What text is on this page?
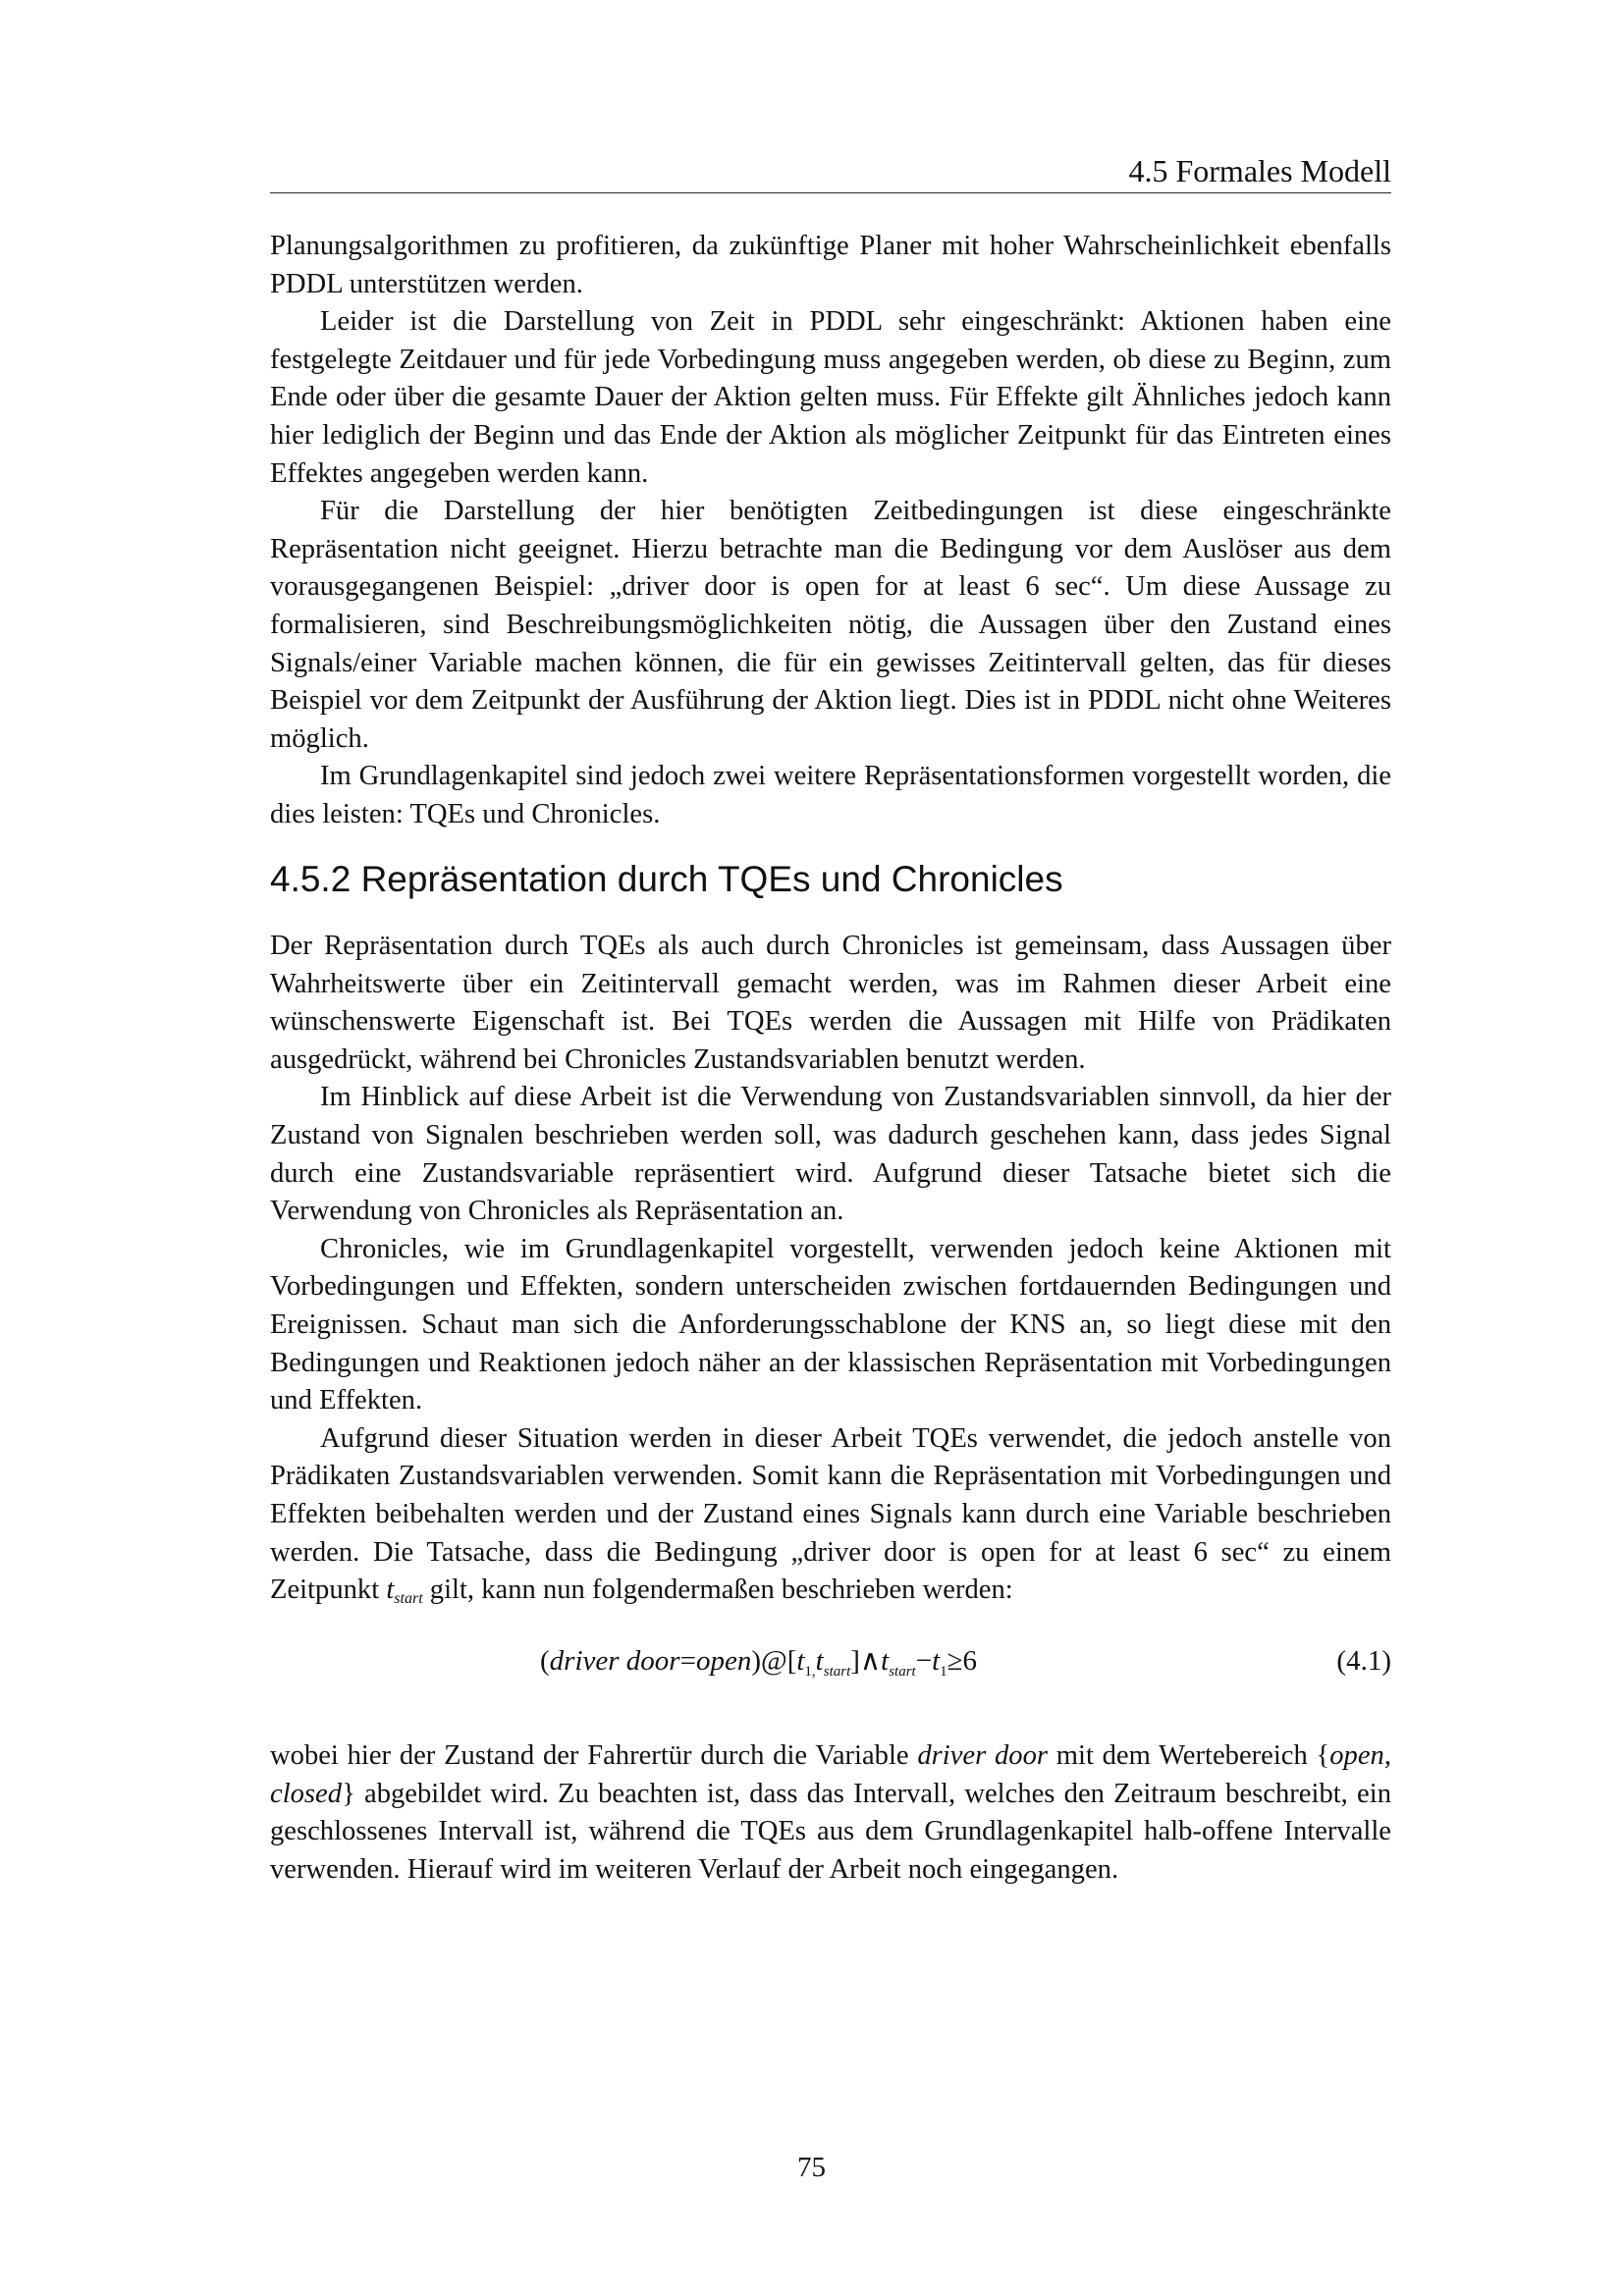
4.5 Formales Modell

Planungsalgorithmen zu profitieren, da zukünftige Planer mit hoher Wahrscheinlichkeit ebenfalls PDDL unterstützen werden.

Leider ist die Darstellung von Zeit in PDDL sehr eingeschränkt: Aktionen haben eine festgelegte Zeitdauer und für jede Vorbedingung muss angegeben werden, ob diese zu Beginn, zum Ende oder über die gesamte Dauer der Aktion gelten muss. Für Effekte gilt Ähnliches jedoch kann hier lediglich der Beginn und das Ende der Aktion als möglicher Zeitpunkt für das Eintreten eines Effektes angegeben werden kann.

Für die Darstellung der hier benötigten Zeitbedingungen ist diese eingeschränkte Repräsentation nicht geeignet. Hierzu betrachte man die Bedingung vor dem Auslöser aus dem vorausgegangenen Beispiel: „driver door is open for at least 6 sec“. Um diese Aussage zu formalisieren, sind Beschreibungsmöglichkeiten nötig, die Aussagen über den Zustand eines Signals/einer Variable machen können, die für ein gewisses Zeitintervall gelten, das für dieses Beispiel vor dem Zeitpunkt der Ausführung der Aktion liegt. Dies ist in PDDL nicht ohne Weiteres möglich.

Im Grundlagenkapitel sind jedoch zwei weitere Repräsentationsformen vorgestellt worden, die dies leisten: TQEs und Chronicles.

4.5.2 Repräsentation durch TQEs und Chronicles

Der Repräsentation durch TQEs als auch durch Chronicles ist gemeinsam, dass Aussagen über Wahrheitswerte über ein Zeitintervall gemacht werden, was im Rahmen dieser Arbeit eine wünschenswerte Eigenschaft ist. Bei TQEs werden die Aussagen mit Hilfe von Prädikaten ausgedrückt, während bei Chronicles Zustandsvariablen benutzt werden.

Im Hinblick auf diese Arbeit ist die Verwendung von Zustandsvariablen sinnvoll, da hier der Zustand von Signalen beschrieben werden soll, was dadurch geschehen kann, dass jedes Signal durch eine Zustandsvariable repräsentiert wird. Aufgrund dieser Tatsache bietet sich die Verwendung von Chronicles als Repräsentation an.

Chronicles, wie im Grundlagenkapitel vorgestellt, verwenden jedoch keine Aktionen mit Vorbedingungen und Effekten, sondern unterscheiden zwischen fortdauernden Bedingungen und Ereignissen. Schaut man sich die Anforderungsschablone der KNS an, so liegt diese mit den Bedingungen und Reaktionen jedoch näher an der klassischen Repräsentation mit Vorbedingungen und Effekten.

Aufgrund dieser Situation werden in dieser Arbeit TQEs verwendet, die jedoch anstelle von Prädikaten Zustandsvariablen verwenden. Somit kann die Repräsentation mit Vorbedingungen und Effekten beibehalten werden und der Zustand eines Signals kann durch eine Variable beschrieben werden. Die Tatsache, dass die Bedingung „driver door is open for at least 6 sec“ zu einem Zeitpunkt tstart gilt, kann nun folgendermaßen beschrieben werden:

(driver $door=open)@[t_{1,}t_{start}]\wedge t_{start}-t_1\ge 6$	(4.1)

wobei hier der Zustand der Fahrertür durch die Variable driver door mit dem Wertebereich {open, closed} abgebildet wird. Zu beachten ist, dass das Intervall, welches den Zeitraum beschreibt, ein geschlossenes Intervall ist, während die TQEs aus dem Grundlagenkapitel halb-offene Intervalle verwenden. Hierauf wird im weiteren Verlauf der Arbeit noch eingegangen.

75
